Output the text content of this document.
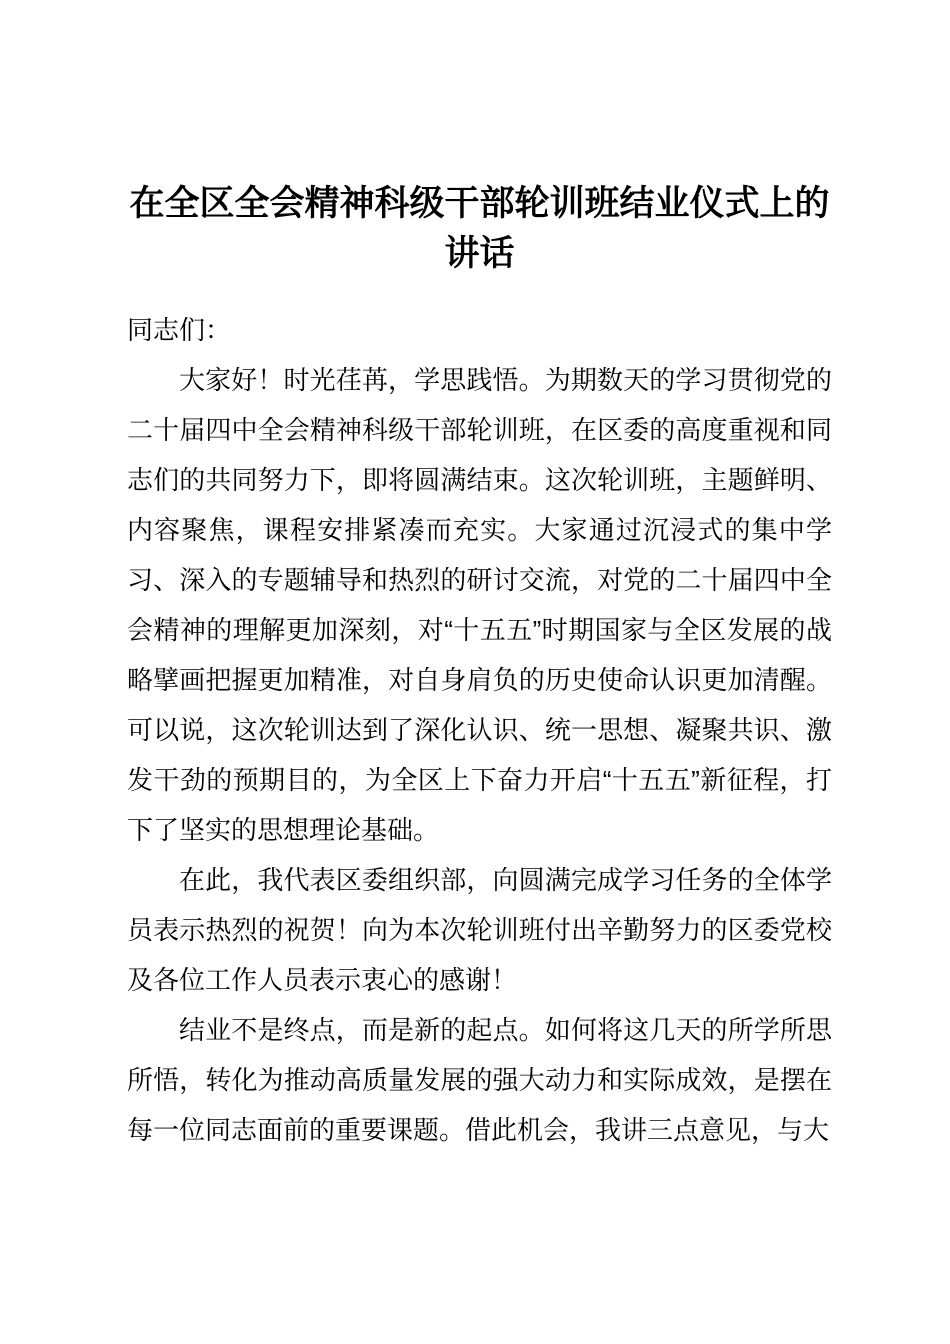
在全区全会精神科级干部轮训班结业仪式上的讲话

同志们：

大家好！时光荏苒，学思践悟。为期数天的学习贯彻党的二十届四中全会精神科级干部轮训班，在区委的高度重视和同志们的共同努力下，即将圆满结束。这次轮训班，主题鲜明、内容聚焦，课程安排紧凑而充实。大家通过沉浸式的集中学习、深入的专题辅导和热烈的研讨交流，对党的二十届四中全会精神的理解更加深刻，对“十五五”时期国家与全区发展的战略擘画把握更加精准，对自身肩负的历史使命认识更加清醒。可以说，这次轮训达到了深化认识、统一思想、凝聚共识、激发干劲的预期目的，为全区上下奋力开启“十五五”新征程，打下了坚实的思想理论基础。

在此，我代表区委组织部，向圆满完成学习任务的全体学员表示热烈的祝贺！向为本次轮训班付出辛勤努力的区委党校及各位工作人员表示衷心的感谢！

结业不是终点，而是新的起点。如何将这几天的所学所思所悟，转化为推动高质量发展的强大动力和实际成效，是摆在每一位同志面前的重要课题。借此机会，我讲三点意见，与大
